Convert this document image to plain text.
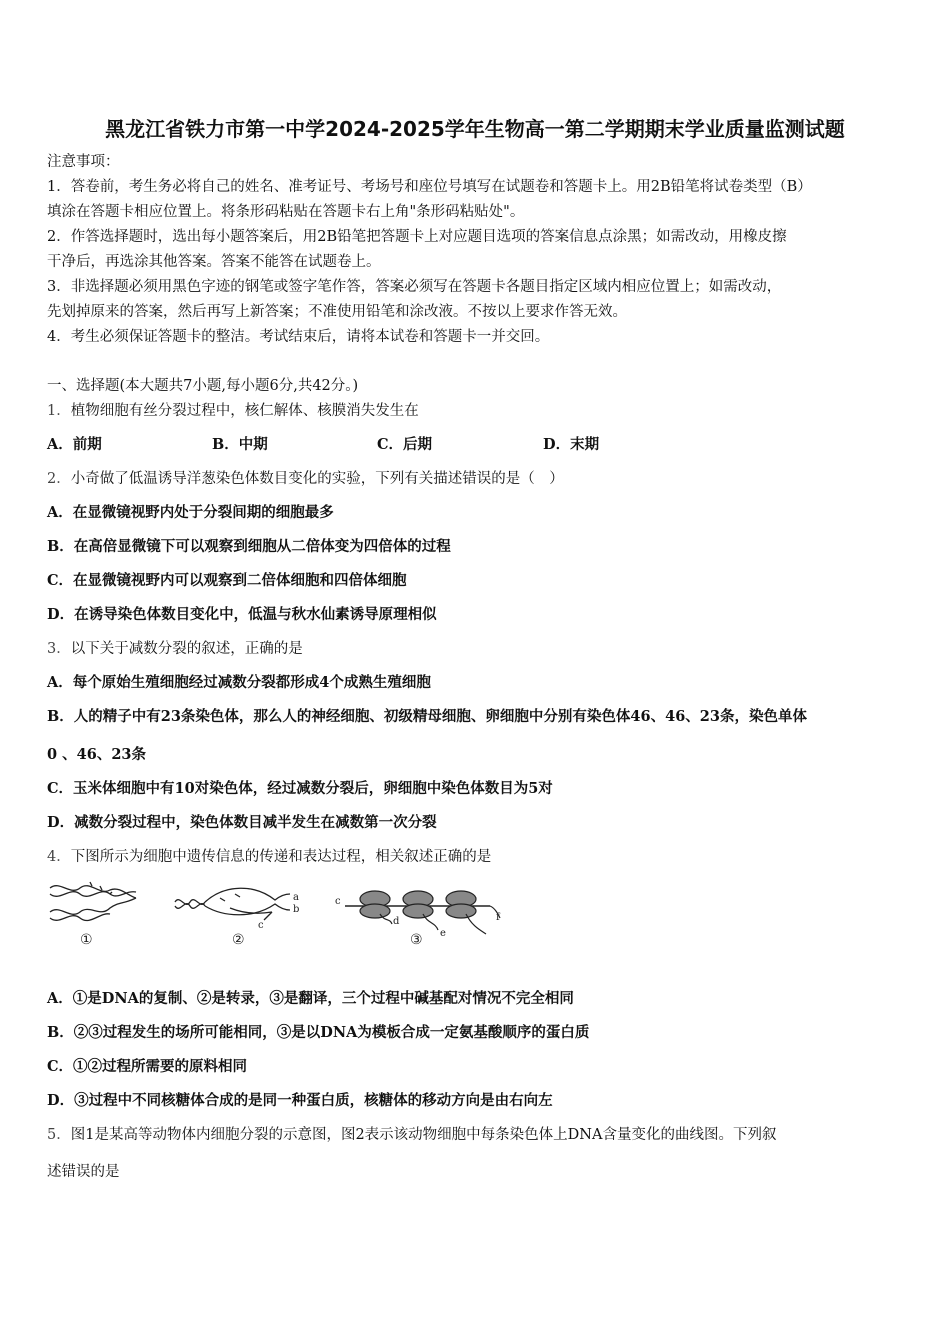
黑龙江省铁力市第一中学2024-2025学年生物高一第二学期期末学业质量监测试题
注意事项：
1．答卷前，考生务必将自己的姓名、准考证号、考场号和座位号填写在试题卷和答题卡上。用2B铅笔将试卷类型（B）
填涂在答题卡相应位置上。将条形码粘贴在答题卡右上角"条形码粘贴处"。
2．作答选择题时，选出每小题答案后，用2B铅笔把答题卡上对应题目选项的答案信息点涂黑；如需改动，用橡皮擦
干净后，再选涂其他答案。答案不能答在试题卷上。
3．非选择题必须用黑色字迹的钢笔或签字笔作答，答案必须写在答题卡各题目指定区域内相应位置上；如需改动，
先划掉原来的答案，然后再写上新答案；不准使用铅笔和涂改液。不按以上要求作答无效。
4．考生必须保证答题卡的整洁。考试结束后，请将本试卷和答题卡一并交回。
一、选择题(本大题共7小题,每小题6分,共42分。)
1．植物细胞有丝分裂过程中，核仁解体、核膜消失发生在
A．前期	B．中期	C．后期	D．末期
2．小奇做了低温诱导洋葱染色体数目变化的实验，下列有关描述错误的是（　）
A．在显微镜视野内处于分裂间期的细胞最多
B．在高倍显微镜下可以观察到细胞从二倍体变为四倍体的过程
C．在显微镜视野内可以观察到二倍体细胞和四倍体细胞
D．在诱导染色体数目变化中，低温与秋水仙素诱导原理相似
3．以下关于减数分裂的叙述，正确的是
A．每个原始生殖细胞经过减数分裂都形成4个成熟生殖细胞
B．人的精子中有23条染色体，那么人的神经细胞、初级精母细胞、卵细胞中分别有染色体46、46、23条，染色单体
0 、46、23条
C．玉米体细胞中有10对染色体，经过减数分裂后，卵细胞中染色体数目为5对
D．减数分裂过程中，染色体数目减半发生在减数第一次分裂
4．下图所示为细胞中遗传信息的传递和表达过程，相关叙述正确的是
①
a
b
c
②
c
d
e
f
③
A．①是DNA的复制、②是转录，③是翻译，三个过程中碱基配对情况不完全相同
B．②③过程发生的场所可能相同，③是以DNA为模板合成一定氨基酸顺序的蛋白质
C．①②过程所需要的原料相同
D．③过程中不同核糖体合成的是同一种蛋白质，核糖体的移动方向是由右向左
5．图1是某高等动物体内细胞分裂的示意图，图2表示该动物细胞中每条染色体上DNA含量变化的曲线图。下列叙
述错误的是
